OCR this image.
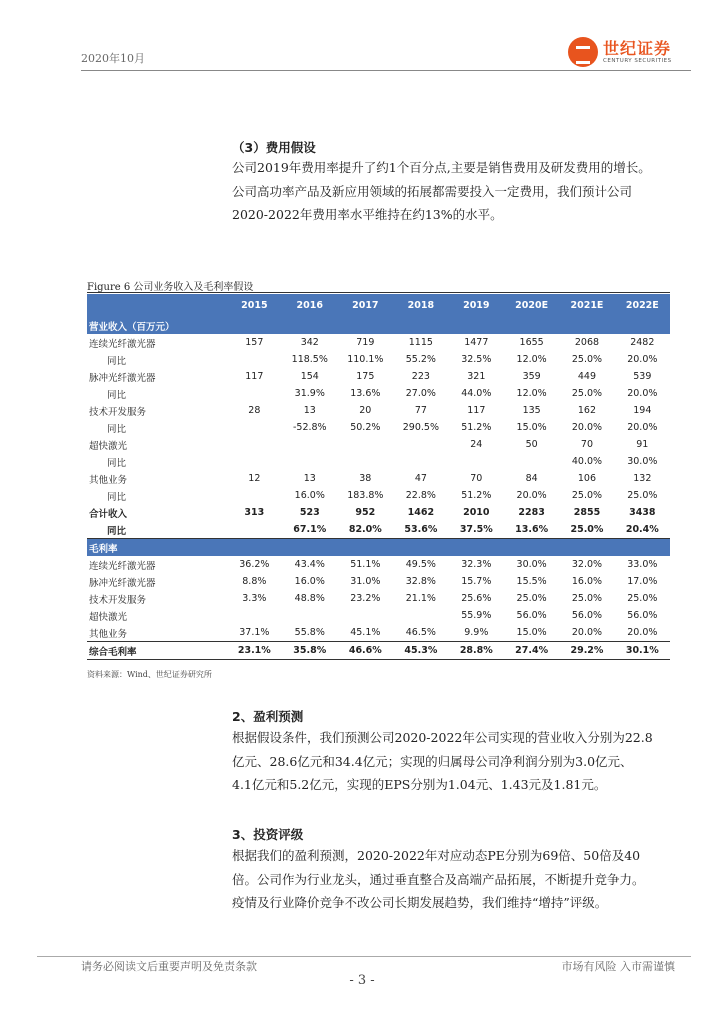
2020年10月
世纪证券
CENTURY SECURITIES
（3）费用假设
公司2019年费用率提升了约1个百分点,主要是销售费用及研发费用的增长。
公司高功率产品及新应用领域的拓展都需要投入一定费用，我们预计公司
2020-2022年费用率水平维持在约13%的水平。
Figure 6 公司业务收入及毛利率假设
	2015	2016	2017	2018	2019	2020E	2021E	2022E
营业收入（百万元）								
连续光纤激光器	157	342	719	1115	1477	1655	2068	2482
同比		118.5%	110.1%	55.2%	32.5%	12.0%	25.0%	20.0%
脉冲光纤激光器	117	154	175	223	321	359	449	539
同比		31.9%	13.6%	27.0%	44.0%	12.0%	25.0%	20.0%
技术开发服务	28	13	20	77	117	135	162	194
同比		-52.8%	50.2%	290.5%	51.2%	15.0%	20.0%	20.0%
超快激光					24	50	70	91
同比							40.0%	30.0%
其他业务	12	13	38	47	70	84	106	132
同比		16.0%	183.8%	22.8%	51.2%	20.0%	25.0%	25.0%
合计收入	313	523	952	1462	2010	2283	2855	3438
同比		67.1%	82.0%	53.6%	37.5%	13.6%	25.0%	20.4%
毛利率								
连续光纤激光器	36.2%	43.4%	51.1%	49.5%	32.3%	30.0%	32.0%	33.0%
脉冲光纤激光器	8.8%	16.0%	31.0%	32.8%	15.7%	15.5%	16.0%	17.0%
技术开发服务	3.3%	48.8%	23.2%	21.1%	25.6%	25.0%	25.0%	25.0%
超快激光					55.9%	56.0%	56.0%	56.0%
其他业务	37.1%	55.8%	45.1%	46.5%	9.9%	15.0%	20.0%	20.0%
综合毛利率	23.1%	35.8%	46.6%	45.3%	28.8%	27.4%	29.2%	30.1%
资料来源：Wind、世纪证券研究所
2、盈利预测
根据假设条件，我们预测公司2020-2022年公司实现的营业收入分别为22.8
亿元、28.6亿元和34.4亿元；实现的归属母公司净利润分别为3.0亿元、
4.1亿元和5.2亿元，实现的EPS分别为1.04元、1.43元及1.81元。
3、投资评级
根据我们的盈利预测，2020-2022年对应动态PE分别为69倍、50倍及40
倍。公司作为行业龙头，通过垂直整合及高端产品拓展，不断提升竞争力。
疫情及行业降价竞争不改公司长期发展趋势，我们维持“增持”评级。
请务必阅读文后重要声明及免责条款	市场有风险 入市需谨慎
- 3 -
